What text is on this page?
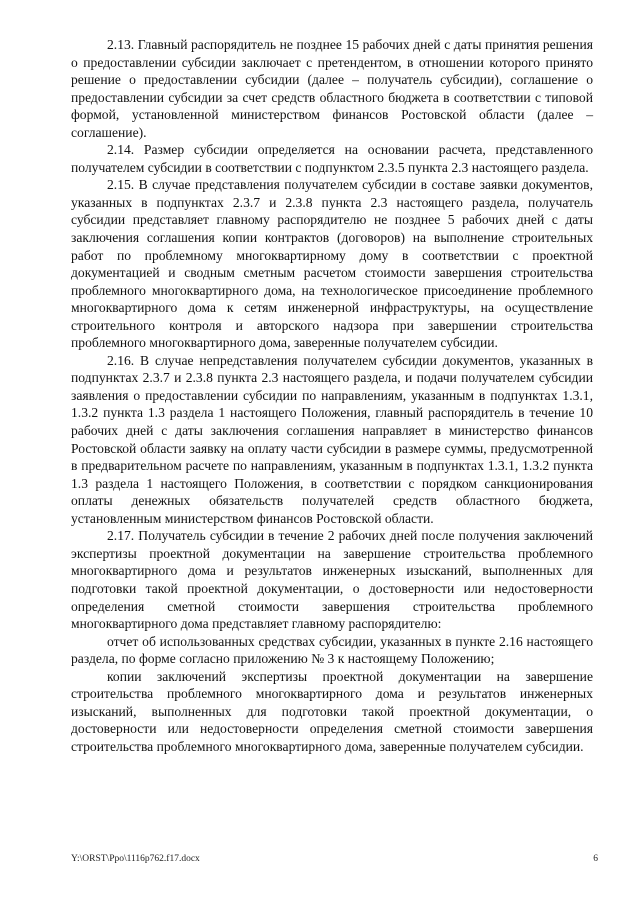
2.13. Главный распорядитель не позднее 15 рабочих дней с даты принятия решения о предоставлении субсидии заключает с претендентом, в отношении которого принято решение о предоставлении субсидии (далее – получатель субсидии), соглашение о предоставлении субсидии за счет средств областного бюджета в соответствии с типовой формой, установленной министерством финансов Ростовской области (далее – соглашение).

2.14. Размер субсидии определяется на основании расчета, представленного получателем субсидии в соответствии с подпунктом 2.3.5 пункта 2.3 настоящего раздела.

2.15. В случае представления получателем субсидии в составе заявки документов, указанных в подпунктах 2.3.7 и 2.3.8 пункта 2.3 настоящего раздела, получатель субсидии представляет главному распорядителю не позднее 5 рабочих дней с даты заключения соглашения копии контрактов (договоров) на выполнение строительных работ по проблемному многоквартирному дому в соответствии с проектной документацией и сводным сметным расчетом стоимости завершения строительства проблемного многоквартирного дома, на технологическое присоединение проблемного многоквартирного дома к сетям инженерной инфраструктуры, на осуществление строительного контроля и авторского надзора при завершении строительства проблемного многоквартирного дома, заверенные получателем субсидии.

2.16. В случае непредставления получателем субсидии документов, указанных в подпунктах 2.3.7 и 2.3.8 пункта 2.3 настоящего раздела, и подачи получателем субсидии заявления о предоставлении субсидии по направлениям, указанным в подпунктах 1.3.1, 1.3.2 пункта 1.3 раздела 1 настоящего Положения, главный распорядитель в течение 10 рабочих дней с даты заключения соглашения направляет в министерство финансов Ростовской области заявку на оплату части субсидии в размере суммы, предусмотренной в предварительном расчете по направлениям, указанным в подпунктах 1.3.1, 1.3.2 пункта 1.3 раздела 1 настоящего Положения, в соответствии с порядком санкционирования оплаты денежных обязательств получателей средств областного бюджета, установленным министерством финансов Ростовской области.

2.17. Получатель субсидии в течение 2 рабочих дней после получения заключений экспертизы проектной документации на завершение строительства проблемного многоквартирного дома и результатов инженерных изысканий, выполненных для подготовки такой проектной документации, о достоверности или недостоверности определения сметной стоимости завершения строительства проблемного многоквартирного дома представляет главному распорядителю:

отчет об использованных средствах субсидии, указанных в пункте 2.16 настоящего раздела, по форме согласно приложению № 3 к настоящему Положению;

копии заключений экспертизы проектной документации на завершение строительства проблемного многоквартирного дома и результатов инженерных изысканий, выполненных для подготовки такой проектной документации, о достоверности или недостоверности определения сметной стоимости завершения строительства проблемного многоквартирного дома, заверенные получателем субсидии.

Y:\ORST\Ppo\1116p762.f17.docx	6
